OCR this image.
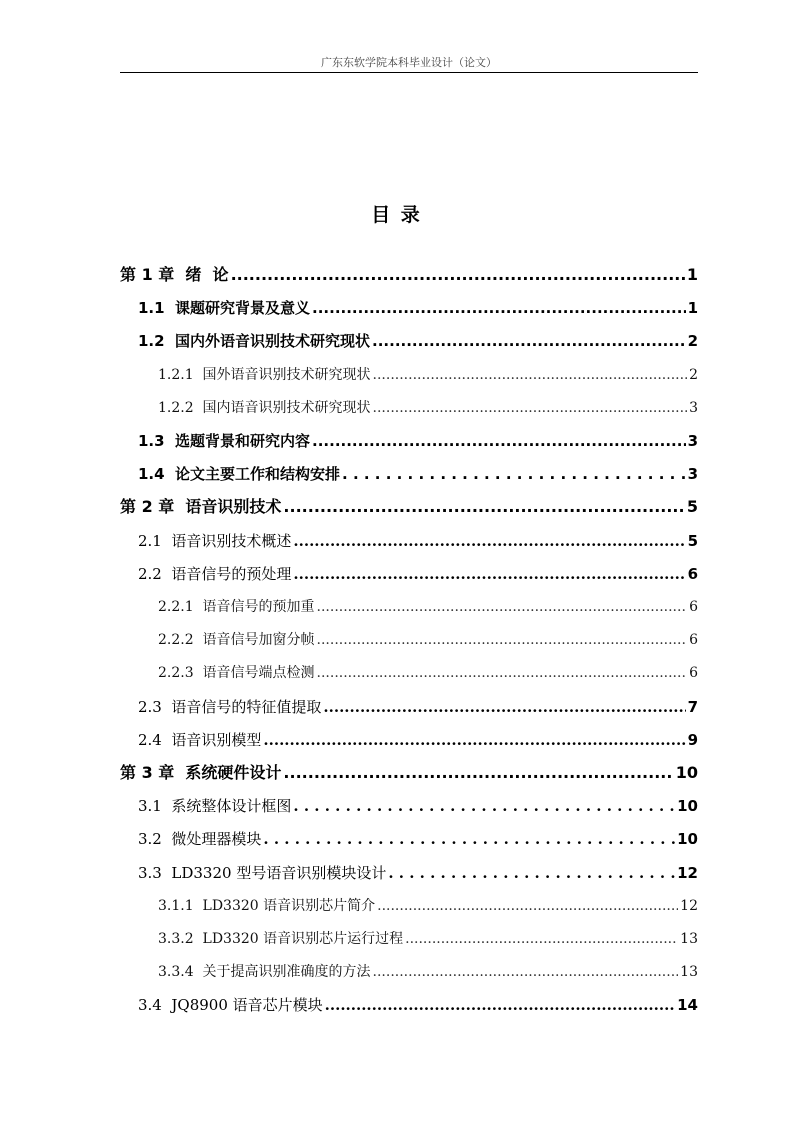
广东东软学院本科毕业设计（论文）
目 录
第 1 章  绪  论 .....	1
1.1  课题研究背景及意义 .....	1
1.2  国内外语音识别技术研究现状 .....	2
1.2.1  国外语音识别技术研究现状 .....	2
1.2.2  国内语音识别技术研究现状 .....	3
1.3  选题背景和研究内容 .....	3
1.4  论文主要工作和结构安排 . . .	3
第 2 章  语音识别技术 .....	5
2.1  语音识别技术概述 .....	5
2.2  语音信号的预处理 .....	6
2.2.1  语音信号的预加重 .....	6
2.2.2  语音信号加窗分帧 .....	6
2.2.3  语音信号端点检测 .....	6
2.3  语音信号的特征值提取 .....	7
2.4  语音识别模型 .....	9
第 3 章  系统硬件设计 .....	10
3.1  系统整体设计框图 . . .	10
3.2  微处理器模块 . . .	10
3.3  LD3320 型号语音识别模块设计 . . .	12
3.1.1  LD3320 语音识别芯片简介 .....	12
3.3.2  LD3320 语音识别芯片运行过程 .....	13
3.3.4  关于提高识别准确度的方法 .....	13
3.4  JQ8900 语音芯片模块 .....	14
